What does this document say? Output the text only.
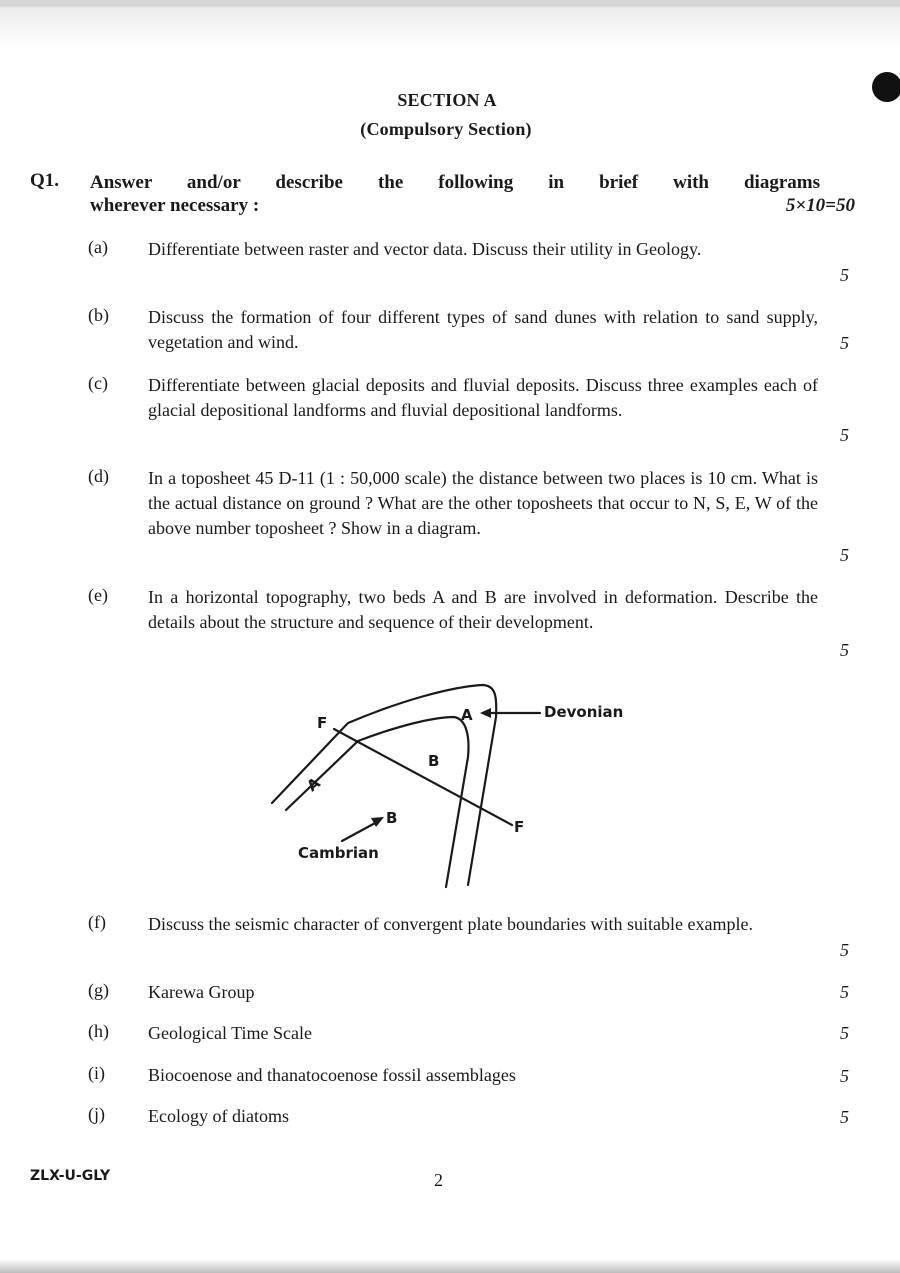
SECTION A
(Compulsory Section)
Q1. Answer and/or describe the following in brief with diagrams
wherever necessary :	5×10=50
(a) Differentiate between raster and vector data. Discuss their utility in Geology.
5
(b) Discuss the formation of four different types of sand dunes with relation to sand supply, vegetation and wind.	5
(c) Differentiate between glacial deposits and fluvial deposits. Discuss three examples each of glacial depositional landforms and fluvial depositional landforms.
5
(d) In a toposheet 45 D-11 (1 : 50,000 scale) the distance between two places is 10 cm. What is the actual distance on ground ? What are the other toposheets that occur to N, S, E, W of the above number toposheet ? Show in a diagram.
5
(e) In a horizontal topography, two beds A and B are involved in deformation. Describe the details about the structure and sequence of their development.
5
F
F
A
A
B
B
Devonian
Cambrian
(f) Discuss the seismic character of convergent plate boundaries with suitable example.
5
(g) Karewa Group	5
(h) Geological Time Scale	5
(i) Biocoenose and thanatocoenose fossil assemblages	5
(j) Ecology of diatoms	5
ZLX-U-GLY	2
